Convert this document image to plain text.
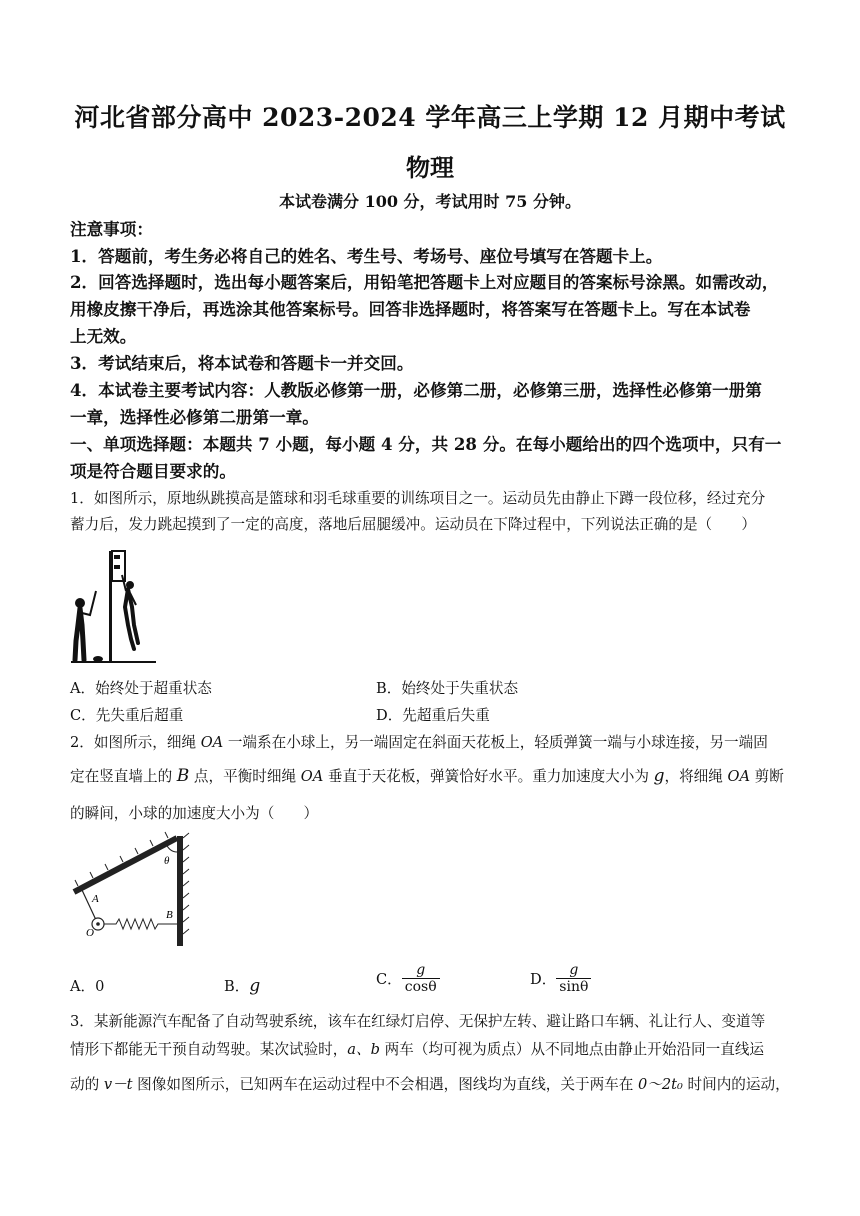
河北省部分高中 2023-2024 学年高三上学期 12 月期中考试
物理
本试卷满分 100 分，考试用时 75 分钟。
注意事项：
1．答题前，考生务必将自己的姓名、考生号、考场号、座位号填写在答题卡上。
2．回答选择题时，选出每小题答案后，用铅笔把答题卡上对应题目的答案标号涂黑。如需改动，
用橡皮擦干净后，再选涂其他答案标号。回答非选择题时，将答案写在答题卡上。写在本试卷
上无效。
3．考试结束后，将本试卷和答题卡一并交回。
4．本试卷主要考试内容：人教版必修第一册，必修第二册，必修第三册，选择性必修第一册第
一章，选择性必修第二册第一章。
一、单项选择题：本题共 7 小题，每小题 4 分，共 28 分。在每小题给出的四个选项中，只有一
项是符合题目要求的。
1．如图所示，原地纵跳摸高是篮球和羽毛球重要的训练项目之一。运动员先由静止下蹲一段位移，经过充分
蓄力后，发力跳起摸到了一定的高度，落地后屈腿缓冲。运动员在下降过程中，下列说法正确的是（　　）
A．始终处于超重状态	B．始终处于失重状态
C．先失重后超重	D．先超重后失重
2．如图所示，细绳 OA 一端系在小球上，另一端固定在斜面天花板上，轻质弹簧一端与小球连接，另一端固
定在竖直墙上的 B 点，平衡时细绳 OA 垂直于天花板，弹簧恰好水平。重力加速度大小为 g，将细绳 OA 剪断
的瞬间，小球的加速度大小为（　　）
θ
A
O
B
A．0	B．g	C． $\frac{g}{\cos\theta}$	D． $\frac{g}{\sin\theta}$
3．某新能源汽车配备了自动驾驶系统，该车在红绿灯启停、无保护左转、避让路口车辆、礼让行人、变道等
情形下都能无干预自动驾驶。某次试验时，a、b 两车（均可视为质点）从不同地点由静止开始沿同一直线运
动的 v－t 图像如图所示，已知两车在运动过程中不会相遇，图线均为直线，关于两车在 0～2t₀ 时间内的运动，
